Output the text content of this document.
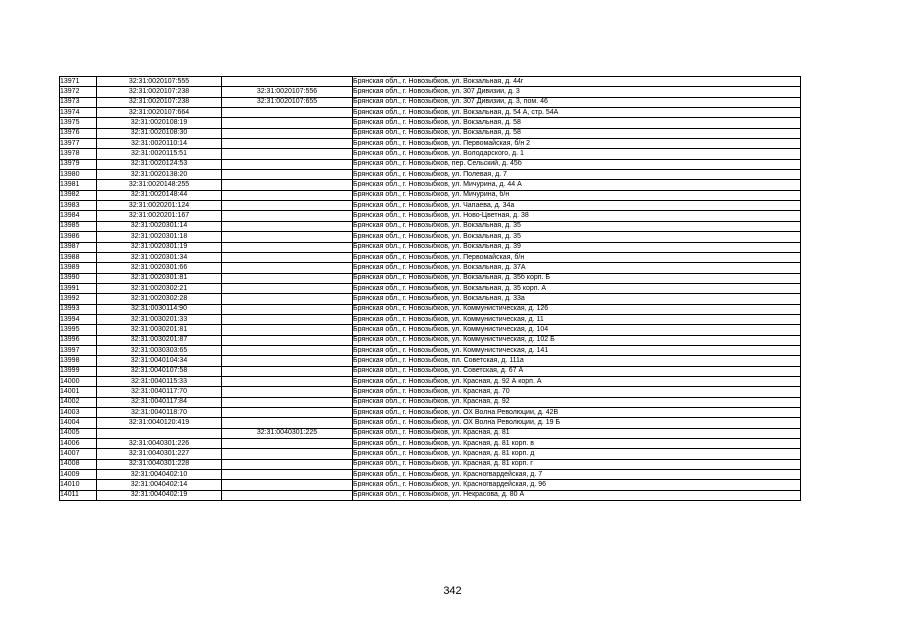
13971	32:31:0020107:555		Брянская обл., г. Новозыбков, ул. Вокзальная, д. 44г
13972	32:31:0020107:238	32:31:0020107:556	Брянская обл., г. Новозыбков, ул. 307 Дивизии, д. 3
13973	32:31:0020107:238	32:31:0020107:655	Брянская обл., г. Новозыбков, ул. 307 Дивизии, д. 3, пом. 46
13974	32:31:0020107:664		Брянская обл., г. Новозыбков, ул. Вокзальная, д. 54 А, стр. 54А
13975	32:31:0020108:19		Брянская обл., г. Новозыбков, ул. Вокзальная, д. 58
13976	32:31:0020108:30		Брянская обл., г. Новозыбков, ул. Вокзальная, д. 58
13977	32:31:0020110:14		Брянская обл., г. Новозыбков, ул. Первомайская, б/н 2
13978	32:31:0020115:51		Брянская обл., г. Новозыбков, ул. Володарского, д. 1
13979	32:31:0020124:53		Брянская обл., г. Новозыбков, пер. Сельский, д. 45б
13980	32:31:0020138:20		Брянская обл., г. Новозыбков, ул. Полевая, д. 7
13981	32:31:0020148:255		Брянская обл., г. Новозыбков, ул. Мичурина, д. 44 А
13982	32:31:0020148:44		Брянская обл., г. Новозыбков, ул. Мичурина, б/н
13983	32:31:0020201:124		Брянская обл., г. Новозыбков, ул. Чапаева, д. 34а
13984	32:31:0020201:167		Брянская обл., г. Новозыбков, ул. Ново-Цветная, д. 38
13985	32:31:0020301:14		Брянская обл., г. Новозыбков, ул. Вокзальная, д. 35
13986	32:31:0020301:18		Брянская обл., г. Новозыбков, ул. Вокзальная, д. 35
13987	32:31:0020301:19		Брянская обл., г. Новозыбков, ул. Вокзальная, д. 39
13988	32:31:0020301:34		Брянская обл., г. Новозыбков, ул. Первомайская, б/н
13989	32:31:0020301:66		Брянская обл., г. Новозыбков, ул. Вокзальная, д. 37А
13990	32:31:0020301:81		Брянская обл., г. Новозыбков, ул. Вокзальная, д. 35б корп. Б
13991	32:31:0020302:21		Брянская обл., г. Новозыбков, ул. Вокзальная, д. 35 корп. А
13992	32:31:0020302:28		Брянская обл., г. Новозыбков, ул. Вокзальная, д. 33а
13993	32:31:0030114:90		Брянская обл., г. Новозыбков, ул. Коммунистическая, д. 126
13994	32:31:0030201:33		Брянская обл., г. Новозыбков, ул. Коммунистическая, д. 11
13995	32:31:0030201:81		Брянская обл., г. Новозыбков, ул. Коммунистическая, д. 104
13996	32:31:0030201:87		Брянская обл., г. Новозыбков, ул. Коммунистическая, д. 102 Б
13997	32:31:0030303:65		Брянская обл., г. Новозыбков, ул. Коммунистическая, д. 141
13998	32:31:0040104:34		Брянская обл., г. Новозыбков, пл. Советская, д. 111а
13999	32:31:0040107:58		Брянская обл., г. Новозыбков, ул. Советская, д. 67 А
14000	32:31:0040115:33		Брянская обл., г. Новозыбков, ул. Красная, д. 92 А корп. А
14001	32:31:0040117:70		Брянская обл., г. Новозыбков, ул. Красная, д. 70
14002	32:31:0040117:84		Брянская обл., г. Новозыбков, ул. Красная, д. 92
14003	32:31:0040118:70		Брянская обл., г. Новозыбков, ул. ОХ Волна Революции, д. 42В
14004	32:31:0040120:419		Брянская обл., г. Новозыбков, ул. ОХ Волна Революции, д. 19 Б
14005		32:31:0040301:225	Брянская обл., г. Новозыбков, ул. Красная, д. 81
14006	32:31:0040301:226		Брянская обл., г. Новозыбков, ул. Красная, д. 81 корп. в
14007	32:31:0040301:227		Брянская обл., г. Новозыбков, ул. Красная, д. 81 корп. д
14008	32:31:0040301:228		Брянская обл., г. Новозыбков, ул. Красная, д. 81 корп. г
14009	32:31:0040402:10		Брянская обл., г. Новозыбков, ул. Красногвардейская, д. 7
14010	32:31:0040402:14		Брянская обл., г. Новозыбков, ул. Красногвардейская, д. 96
14011	32:31:0040402:19		Брянская обл., г. Новозыбков, ул. Некрасова, д. 80 А
342
